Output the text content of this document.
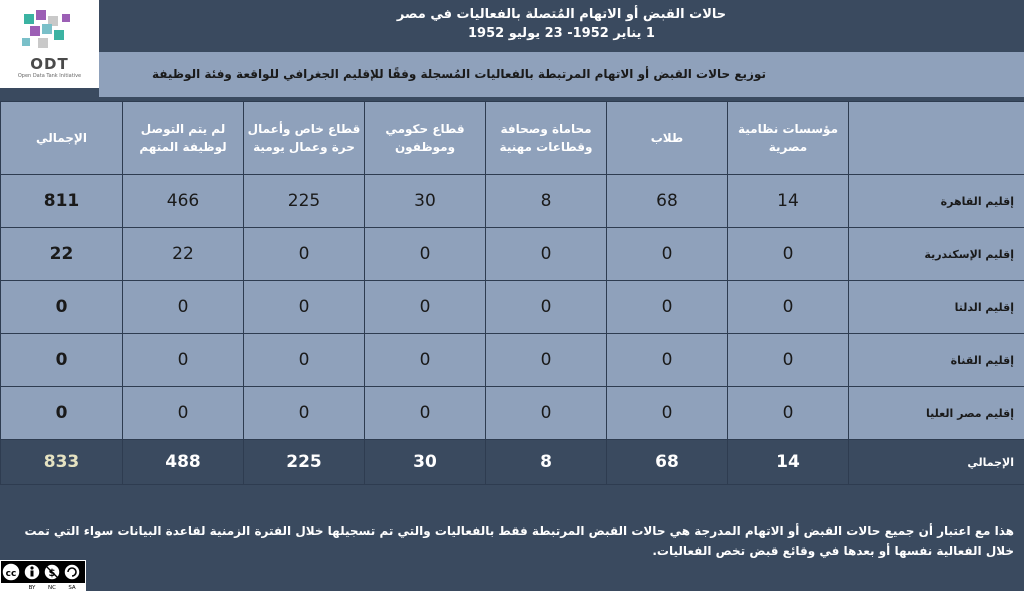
ODT
Open Data Tank Initiative
حالات القبض أو الاتهام المُتصلة بالفعاليات في مصر
1 يناير 1952- 23 يوليو 1952
توزيع حالات القبض أو الاتهام المرتبطة بالفعاليات المُسجلة وفقًا للإقليم الجغرافي للواقعة وفئة الوظيفة
الإجمالي	لم يتم التوصل لوظيفة المتهم	قطاع خاص وأعمال حرة وعمال يومية	قطاع حكومي وموظفون	محاماة وصحافة وقطاعات مهنية	طلاب	مؤسسات نظامية مصرية	
811	466	225	30	8	68	14	إقليم القاهرة
22	22	0	0	0	0	0	إقليم الإسكندرية
0	0	0	0	0	0	0	إقليم الدلتا
0	0	0	0	0	0	0	إقليم القناة
0	0	0	0	0	0	0	إقليم مصر العليا
833	488	225	30	8	68	14	الإجمالي
هذا مع اعتبار أن جميع حالات القبض أو الاتهام المدرجة هي حالات القبض المرتبطة فقط بالفعاليات والتي تم تسجيلها خلال الفترة الزمنية لقاعدة البيانات سواء التي تمت خلال الفعالية نفسها أو بعدها في وقائع قبض تخص الفعاليات.
cc	$
BY NC SA
